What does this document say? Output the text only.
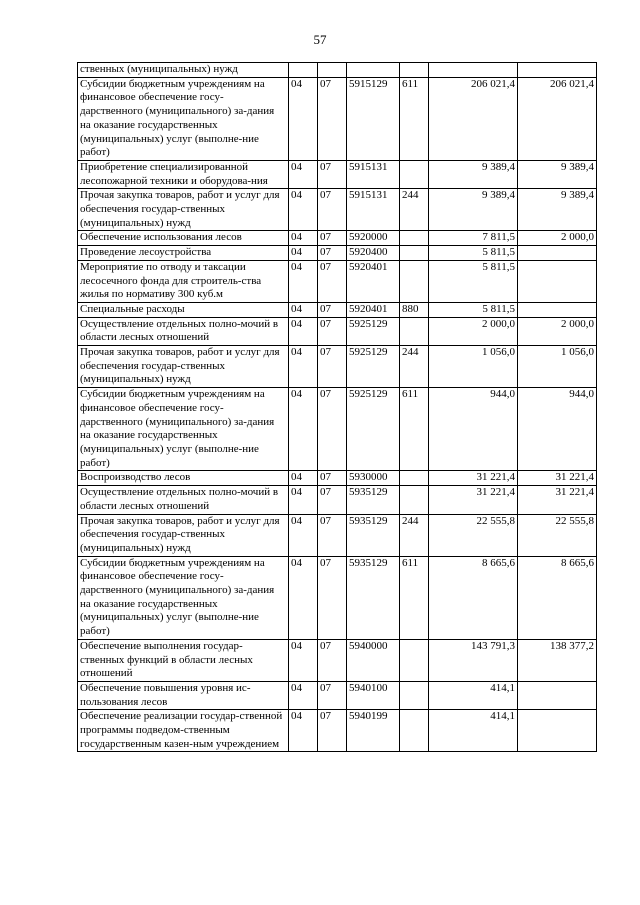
57
ственных (муниципальных) нужд						
Субсидии бюджетным учреждениям на финансовое обеспечение госу-дарственного (муниципального) за-дания на оказание государственных (муниципальных) услуг (выполне-ние работ)	04	07	5915129	611	206 021,4	206 021,4
Приобретение специализированной лесопожарной техники и оборудова-ния	04	07	5915131		9 389,4	9 389,4
Прочая закупка товаров, работ и услуг для обеспечения государ-ственных (муниципальных) нужд	04	07	5915131	244	9 389,4	9 389,4
Обеспечение использования лесов	04	07	5920000		7 811,5	2 000,0
Проведение лесоустройства	04	07	5920400		5 811,5	
Мероприятие по отводу и таксации лесосечного фонда для строитель-ства жилья по нормативу 300 куб.м	04	07	5920401		5 811,5	
Специальные расходы	04	07	5920401	880	5 811,5	
Осуществление отдельных полно-мочий в области лесных отношений	04	07	5925129		2 000,0	2 000,0
Прочая закупка товаров, работ и услуг для обеспечения государ-ственных (муниципальных) нужд	04	07	5925129	244	1 056,0	1 056,0
Субсидии бюджетным учреждениям на финансовое обеспечение госу-дарственного (муниципального) за-дания на оказание государственных (муниципальных) услуг (выполне-ние работ)	04	07	5925129	611	944,0	944,0
Воспроизводство лесов	04	07	5930000		31 221,4	31 221,4
Осуществление отдельных полно-мочий в области лесных отношений	04	07	5935129		31 221,4	31 221,4
Прочая закупка товаров, работ и услуг для обеспечения государ-ственных (муниципальных) нужд	04	07	5935129	244	22 555,8	22 555,8
Субсидии бюджетным учреждениям на финансовое обеспечение госу-дарственного (муниципального) за-дания на оказание государственных (муниципальных) услуг (выполне-ние работ)	04	07	5935129	611	8 665,6	8 665,6
Обеспечение выполнения государ-ственных функций в области лесных отношений	04	07	5940000		143 791,3	138 377,2
Обеспечение повышения уровня ис-пользования лесов	04	07	5940100		414,1	
Обеспечение реализации государ-ственной программы подведом-ственным государственным казен-ным учреждением	04	07	5940199		414,1	
